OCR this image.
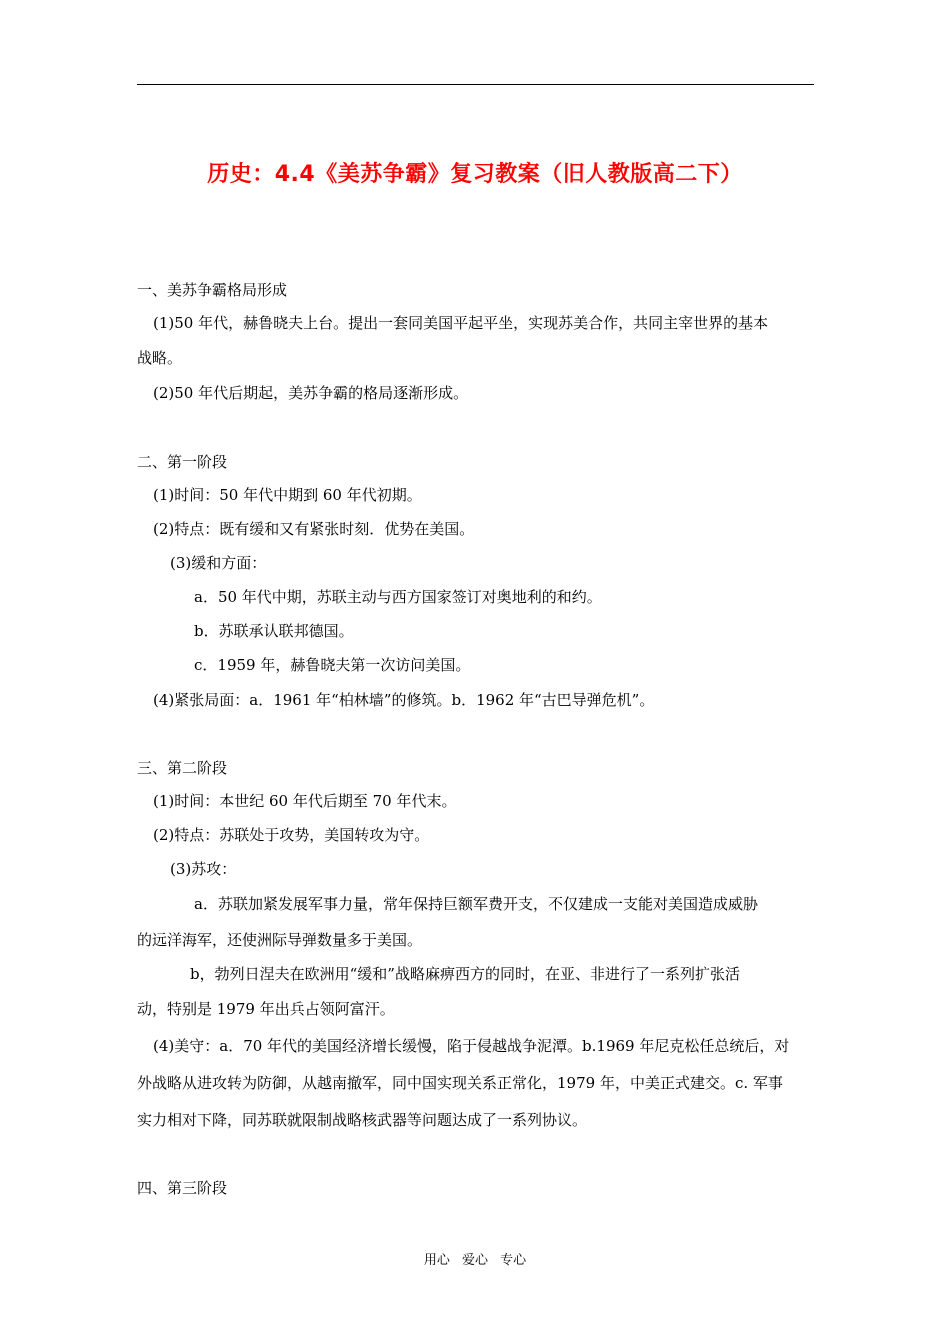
历史：4.4《美苏争霸》复习教案（旧人教版高二下）
一、美苏争霸格局形成
(1)50 年代，赫鲁晓夫上台。提出一套同美国平起平坐，实现苏美合作，共同主宰世界的基本
战略。
(2)50 年代后期起，美苏争霸的格局逐渐形成。
二、第一阶段
(1)时间：50 年代中期到 60 年代初期。
(2)特点：既有缓和又有紧张时刻．优势在美国。
(3)缓和方面：
a．50 年代中期，苏联主动与西方国家签订对奥地利的和约。
b．苏联承认联邦德国。
c．1959 年，赫鲁晓夫第一次访问美国。
(4)紧张局面：a．1961 年“柏林墙”的修筑。b．1962 年“古巴导弹危机”。
三、第二阶段
(1)时间：本世纪 60 年代后期至 70 年代末。
(2)特点：苏联处于攻势，美国转攻为守。
(3)苏攻：
a．苏联加紧发展军事力量，常年保持巨额军费开支，不仅建成一支能对美国造成威胁
的远洋海军，还使洲际导弹数量多于美国。
b，勃列日涅夫在欧洲用“缓和”战略麻痹西方的同时，在亚、非进行了一系列扩张活
动，特别是 1979 年出兵占领阿富汗。
(4)美守：a．70 年代的美国经济增长缓慢，陷于侵越战争泥潭。b.1969 年尼克松任总统后，对
外战略从进攻转为防御，从越南撤军，同中国实现关系正常化，1979 年，中美正式建交。c. 军事
实力相对下降，同苏联就限制战略核武器等问题达成了一系列协议。
四、第三阶段
用心 爱心 专心
